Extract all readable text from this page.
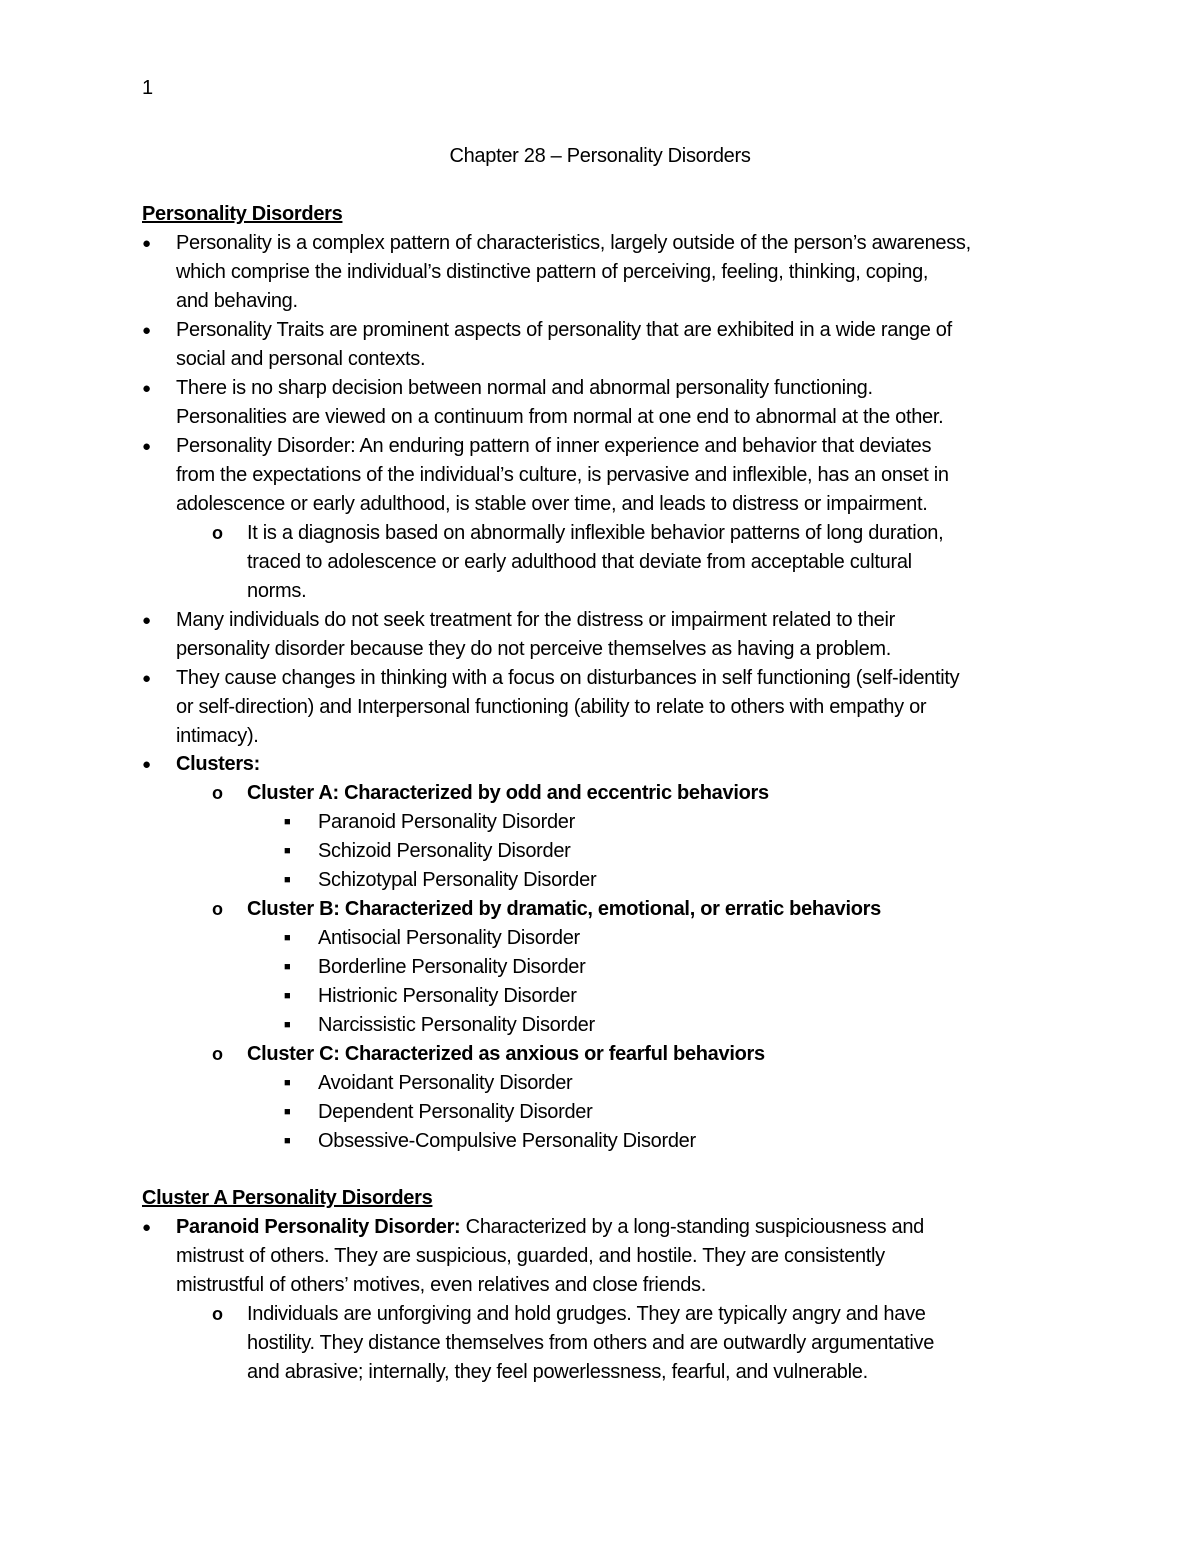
1
Chapter 28 – Personality Disorders
Personality Disorders
● Personality is a complex pattern of characteristics, largely outside of the person’s awareness,
which comprise the individual’s distinctive pattern of perceiving, feeling, thinking, coping,
and behaving.
● Personality Traits are prominent aspects of personality that are exhibited in a wide range of
social and personal contexts.
● There is no sharp decision between normal and abnormal personality functioning.
Personalities are viewed on a continuum from normal at one end to abnormal at the other.
● Personality Disorder: An enduring pattern of inner experience and behavior that deviates
from the expectations of the individual’s culture, is pervasive and inflexible, has an onset in
adolescence or early adulthood, is stable over time, and leads to distress or impairment.
o It is a diagnosis based on abnormally inflexible behavior patterns of long duration,
traced to adolescence or early adulthood that deviate from acceptable cultural
norms.
● Many individuals do not seek treatment for the distress or impairment related to their
personality disorder because they do not perceive themselves as having a problem.
● They cause changes in thinking with a focus on disturbances in self functioning (self-identity
or self-direction) and Interpersonal functioning (ability to relate to others with empathy or
intimacy).
● Clusters:
o Cluster A: Characterized by odd and eccentric behaviors
■ Paranoid Personality Disorder
■ Schizoid Personality Disorder
■ Schizotypal Personality Disorder
o Cluster B: Characterized by dramatic, emotional, or erratic behaviors
■ Antisocial Personality Disorder
■ Borderline Personality Disorder
■ Histrionic Personality Disorder
■ Narcissistic Personality Disorder
o Cluster C: Characterized as anxious or fearful behaviors
■ Avoidant Personality Disorder
■ Dependent Personality Disorder
■ Obsessive-Compulsive Personality Disorder
Cluster A Personality Disorders
● Paranoid Personality Disorder: Characterized by a long-standing suspiciousness and
mistrust of others. They are suspicious, guarded, and hostile. They are consistently
mistrustful of others’ motives, even relatives and close friends.
o Individuals are unforgiving and hold grudges. They are typically angry and have
hostility. They distance themselves from others and are outwardly argumentative
and abrasive; internally, they feel powerlessness, fearful, and vulnerable.
